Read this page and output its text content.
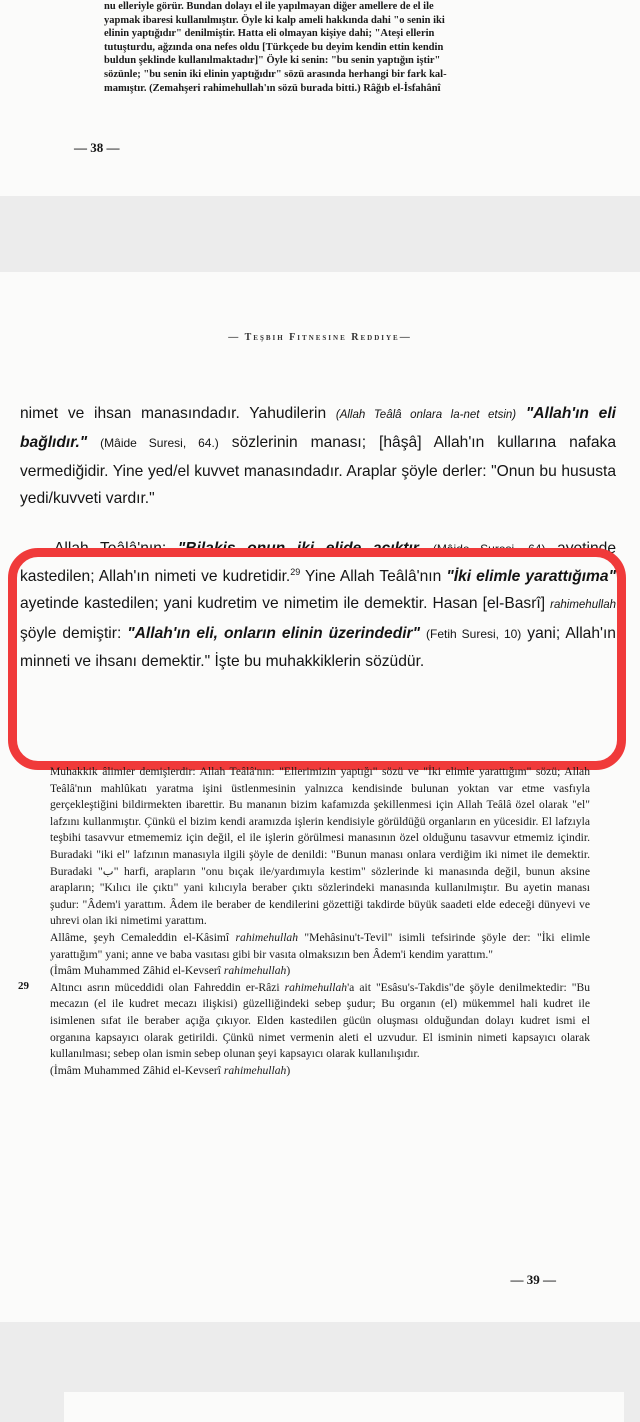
nu elleriyle görür. Bundan dolayı el ile yapılmayan diğer amellere de el ile

yapmak ibaresi kullanılmıştır. Öyle ki kalp ameli hakkında dahi "o senin iki

elinin yaptığıdır" denilmiştir. Hatta eli olmayan kişiye dahi; "Ateşi ellerin

tutuşturdu, ağzında ona nefes oldu [Türkçede bu deyim kendin ettin kendin

buldun şeklinde kullanılmaktadır]" Öyle ki senin: "bu senin yaptığın iştir"

sözünle; "bu senin iki elinin yaptığıdır" sözü arasında herhangi bir fark kal-

mamıştır. (Zemahşeri rahimehullah'ın sözü burada bitti.) Râğıb el-İsfahânî

— 38 —
— Teşbih Fitnesine Reddiye—

nimet ve ihsan manasındadır. Yahudilerin (Allah Teâlâ onlara la-net etsin) "Allah'ın eli bağlıdır." (Mâide Suresi, 64.) sözlerinin manası; [hâşâ] Allah'ın kullarına nafaka vermediğidir. Yine yed/el kuvvet manasındadır. Araplar şöyle derler: "Onun bu hususta yedi/kuvveti vardır."

Allah Teâlâ'nın; "Bilakis onun iki elide açıktır. (Mâide Suresi, 64) ayetinde kastedilen; Allah'ın nimeti ve kudretidir.$^{29}$ Yine Allah Teâlâ'nın "İki elimle yarattığıma" ayetinde kastedilen; yani kudretim ve nimetim ile demektir. Hasan [el-Basrî] rahimehullah şöyle demiştir: "Allah'ın eli, onların elinin üzerindedir" (Fetih Suresi, 10) yani; Allah'ın minneti ve ihsanı demektir." İşte bu muhakkiklerin sözüdür.

Muhakkik âlimler demişlerdir: Allah Teâlâ'nın: "Ellerimizin yaptığı" sözü ve "İki elimle yarattığım" sözü; Allah Teâlâ'nın mahlûkatı yaratma işini üstlenmesinin yalnızca kendisinde bulunan yoktan var etme vasfıyla gerçekleştiğini bildirmekten ibarettir. Bu mananın bizim kafamızda şekillenmesi için Allah Teâlâ özel olarak "el" lafzını kullanmıştır. Çünkü el bizim kendi aramızda işlerin kendisiyle görüldüğü organların en yücesidir. El lafzıyla teşbihi tasavvur etmememiz için değil, el ile işlerin görülmesi manasının özel olduğunu tasavvur etmemiz içindir. Buradaki "iki el" lafzının manasıyla ilgili şöyle de denildi: "Bunun manası onlara verdiğim iki nimet ile demektir. Buradaki "ب" harfi, arapların "onu bıçak ile/yardımıyla kestim" sözlerinde ki manasında değil, bunun aksine arapların; "Kılıcı ile çıktı" yani kılıcıyla beraber çıktı sözlerindeki manasında kullanılmıştır. Bu ayetin manası şudur: "Âdem'i yarattım. Âdem ile beraber de kendilerini gözettiği takdirde büyük saadeti elde edeceği dünyevi ve uhrevi olan iki nimetimi yarattım.

Allâme, şeyh Cemaleddin el-Kâsimî rahimehullah "Mehâsinu't-Tevil" isimli tefsirinde şöyle der: "İki elimle yarattığım" yani; anne ve baba vasıtası gibi bir vasıta olmaksızın ben Âdem'i kendim yarattım."

(İmâm Muhammed Zâhid el-Kevserî rahimehullah)

29 Altıncı asrın müceddidi olan Fahreddin er-Râzi rahimehullah'a ait "Esâsu's-Takdis"de şöyle denilmektedir: "Bu mecazın (el ile kudret mecazı ilişkisi) güzelliğindeki sebep şudur; Bu organın (el) mükemmel hali kudret ile isimlenen sıfat ile beraber açığa çıkıyor. Elden kastedilen gücün oluşması olduğundan dolayı kudret ismi el organına kapsayıcı olarak getirildi. Çünkü nimet vermenin aleti el uzvudur. El isminin nimeti kapsayıcı olarak kullanılması; sebep olan ismin sebep olunan şeyi kapsayıcı olarak kullanılışıdır.

(İmâm Muhammed Zâhid el-Kevserî rahimehullah)

— 39 —
